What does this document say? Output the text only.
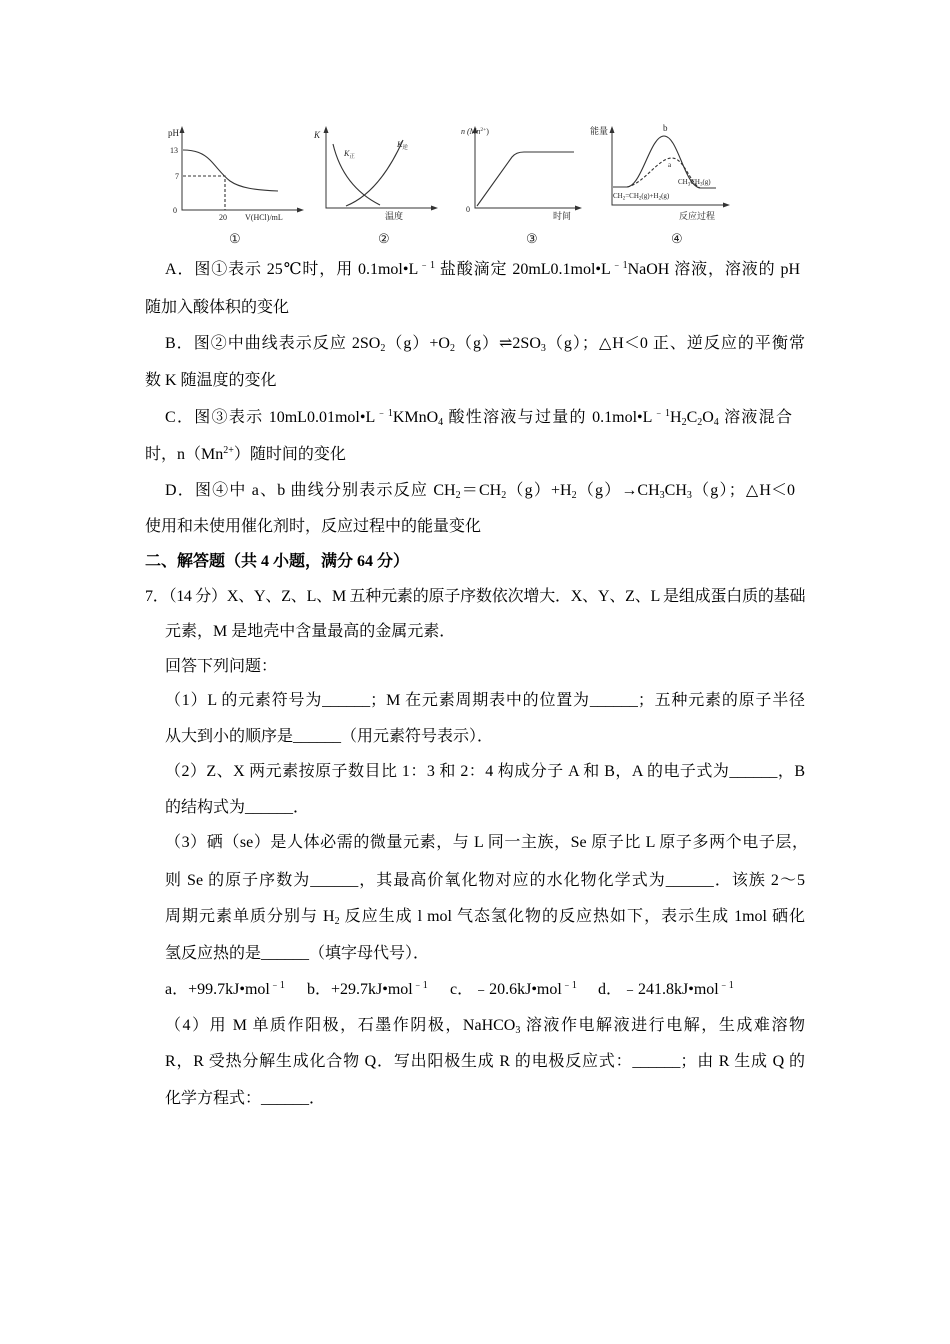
pH
13
7
0
20 V(HCl)/mL
①
K
$K_正$
$K_逆$
温度
②
n $(Mn^{2+})$
0
时间
③
能量	b
a
$CH_3CH_3(g)$
$CH_2=CH_2(g)+H_2(g)$
反应过程
④
A．图①表示 25℃时，用 $0.1mol•L^{﹣1}$ 盐酸滴定 $20mL0.1mol•L^{﹣1}NaOH$ 溶液，溶液的 pH
随加入酸体积的变化
B．图②中曲线表示反应 $2SO_2(g)+O_2(g)\rightleftharpoons 2SO_3(g)$；△H＜0 正、逆反应的平衡常
数 K 随温度的变化
C．图③表示 $10mL0.01mol•L^{﹣1}KMnO_4$ 酸性溶液与过量的 $0.1mol•L^{﹣1}H_2C_2O_4$ 溶液混合
时，$n(Mn^{2+})$随时间的变化
D．图④中 a、b 曲线分别表示反应 $CH_2=CH_2(g)+H_2(g)\to CH_3CH_3(g)$；△H＜0
使用和未使用催化剂时，反应过程中的能量变化
二、解答题（共 4 小题，满分 64 分）
7．（14 分）X、Y、Z、L、M 五种元素的原子序数依次增大．X、Y、Z、L 是组成蛋白质的基础
元素，M 是地壳中含量最高的金属元素．
回答下列问题：
（1）L 的元素符号为______；M 在元素周期表中的位置为______；五种元素的原子半径
从大到小的顺序是______（用元素符号表示）．
（2）Z、X 两元素按原子数目比 1：3 和 2：4 构成分子 A 和 B，A 的电子式为______，B
的结构式为______．
（3）硒（se）是人体必需的微量元素，与 L 同一主族，Se 原子比 L 原子多两个电子层，
则 Se 的原子序数为______，其最高价氧化物对应的水化物化学式为______．该族 2～5
周期元素单质分别与 $H_2$ 反应生成 l mol 气态氢化物的反应热如下，表示生成 1mol 硒化
氢反应热的是______（填字母代号）．
a．+99.7kJ•mol$^{﹣1}$ b．+29.7kJ•mol$^{﹣1}$ c．﹣20.6kJ•mol$^{﹣1}$ d．﹣241.8kJ•mol$^{﹣1}$
（4）用 M 单质作阳极，石墨作阴极，NaHCO$_3$ 溶液作电解液进行电解，生成难溶物
R，R 受热分解生成化合物 Q．写出阳极生成 R 的电极反应式：______；由 R 生成 Q 的
化学方程式：______．
